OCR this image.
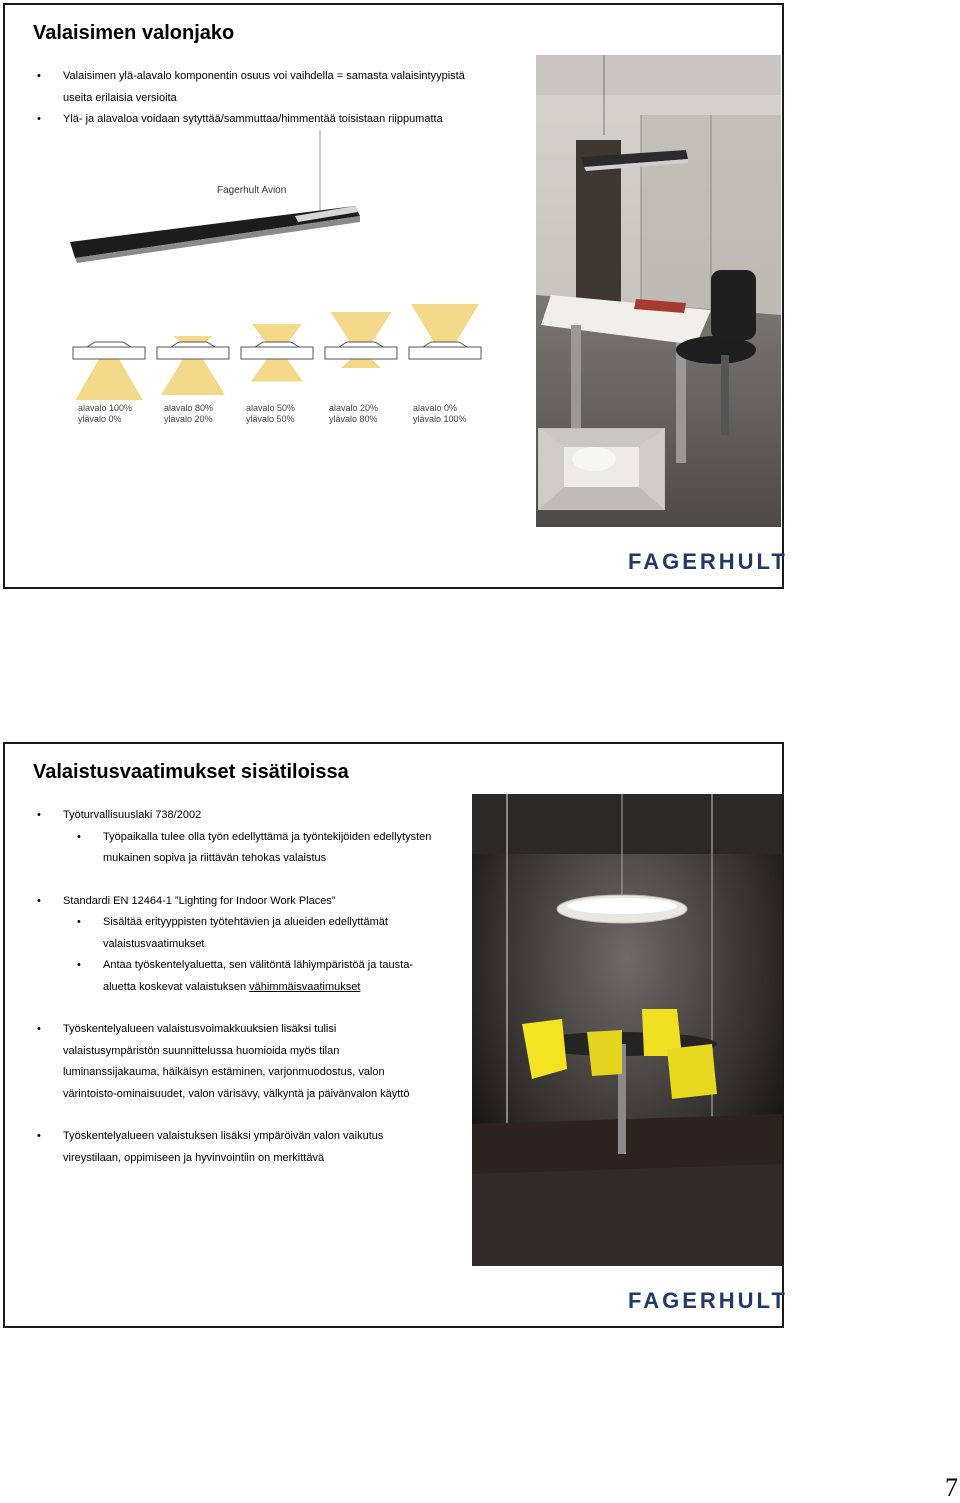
Valaisimen valonjako
• Valaisimen ylä-alavalo komponentin osuus voi vaihdella = samasta valaisintyypistä
useita erilaisia versioita
• Ylä- ja alavaloa voidaan sytyttää/sammuttaa/himmentää toisistaan riippumatta
Fagerhult Avion
alavalo 100%
ylävalo 0%
alavalo 80%
ylävalo 20%
alavalo 50%
ylävalo 50%
alavalo 20%
ylävalo 80%
alavalo 0%
ylävalo 100%
FAGERHULT
Valaistusvaatimukset sisätiloissa
• Työturvallisuuslaki 738/2002
• Työpaikalla tulee olla työn edellyttämä ja työntekijöiden edellytysten
mukainen sopiva ja riittävän tehokas valaistus
• Standardi EN 12464-1 ”Lighting for Indoor Work Places”
• Sisältää erityyppisten työtehtävien ja alueiden edellyttämät
valaistusvaatimukset
• Antaa työskentelyaluetta, sen välitöntä lähiympäristöä ja tausta-
aluetta koskevat valaistuksen vähimmäisvaatimukset
• Työskentelyalueen valaistusvoimakkuuksien lisäksi tulisi
valaistusympäristön suunnittelussa huomioida myös tilan
luminanssijakauma, häikäisyn estäminen, varjonmuodostus, valon
värintoisto-ominaisuudet, valon värisävy, välkyntä ja päivänvalon käyttö
• Työskentelyalueen valaistuksen lisäksi ympäröivän valon vaikutus
vireystilaan, oppimiseen ja hyvinvointiin on merkittävä
FAGERHULT
7
